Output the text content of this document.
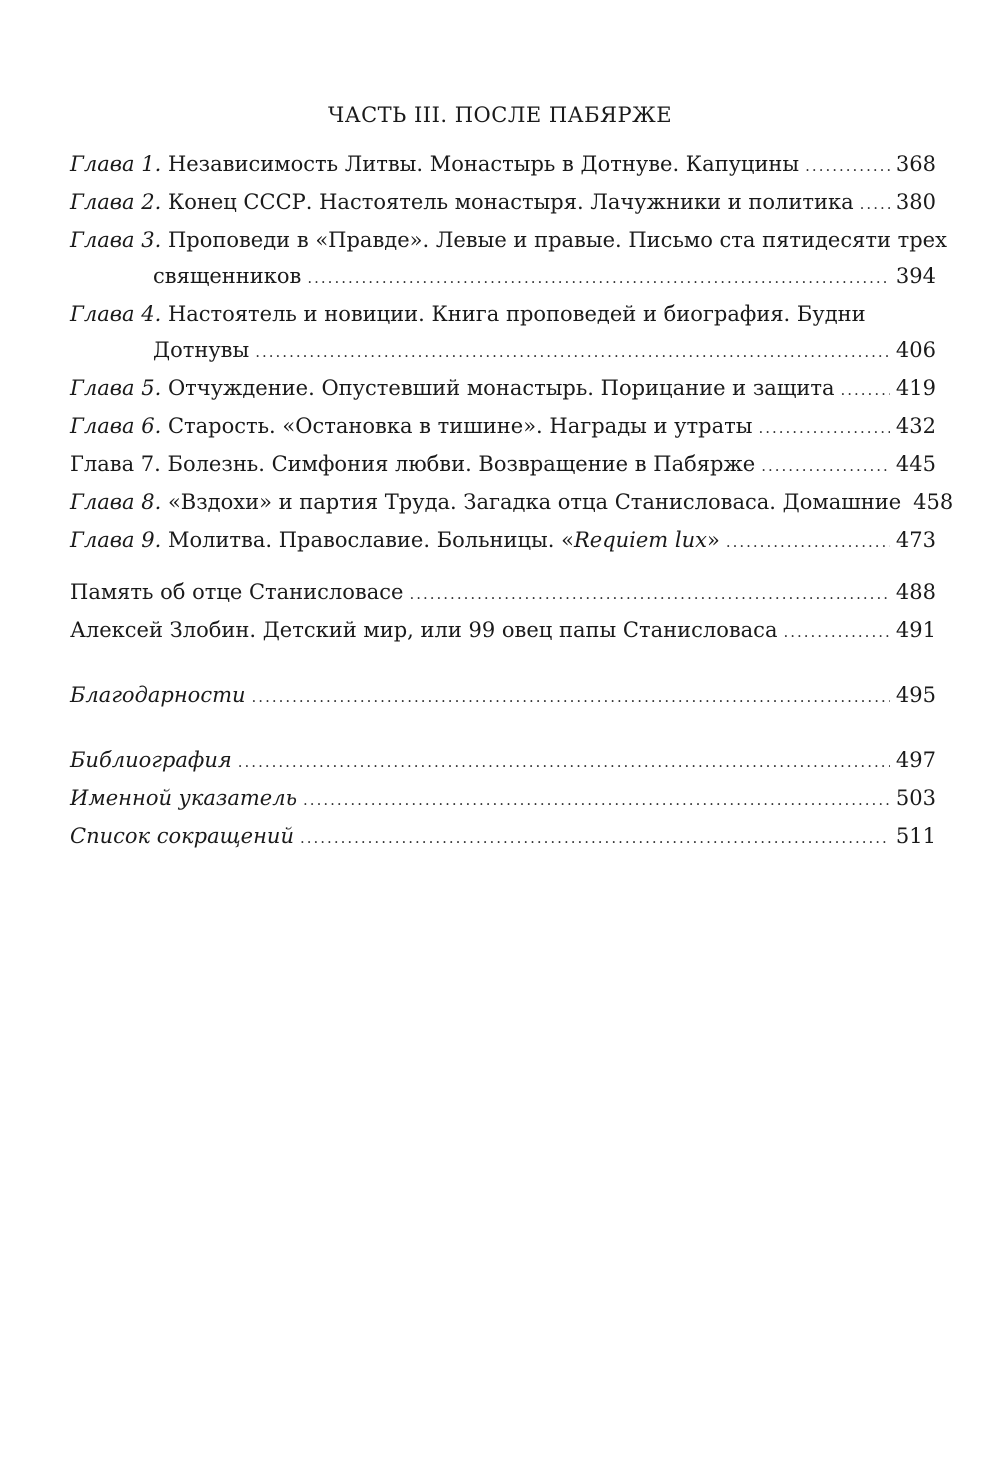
ЧАСТЬ III. ПОСЛЕ ПАБЯРЖЕ
Глава 1. Независимость Литвы. Монастырь в Дотнуве. Капуцины .....	368
Глава 2. Конец СССР. Настоятель монастыря. Лачужники и политика ..... 380
Глава 3. Проповеди в «Правде». Левые и правые. Письмо ста пятидесяти трех
священников .....	394
Глава 4. Настоятель и новиции. Книга проповедей и биография. Будни
Дотнувы .....	406
Глава 5. Отчуждение. Опустевший монастырь. Порицание и защита .....	419
Глава 6. Старость. «Остановка в тишине». Награды и утраты .....	432
Глава 7. Болезнь. Симфония любви. Возвращение в Пабярже .....	445
Глава 8. «Вздохи» и партия Труда. Загадка отца Станисловаса. Домашние 458
Глава 9. Молитва. Православие. Больницы. «Requiem lux» .....	473
Память об отце Станисловасе .....	488
Алексей Злобин. Детский мир, или 99 овец папы Станисловаса .....	491
Благодарности .....	495
Библиография .....	497
Именной указатель .....	503
Список сокращений .....	511
